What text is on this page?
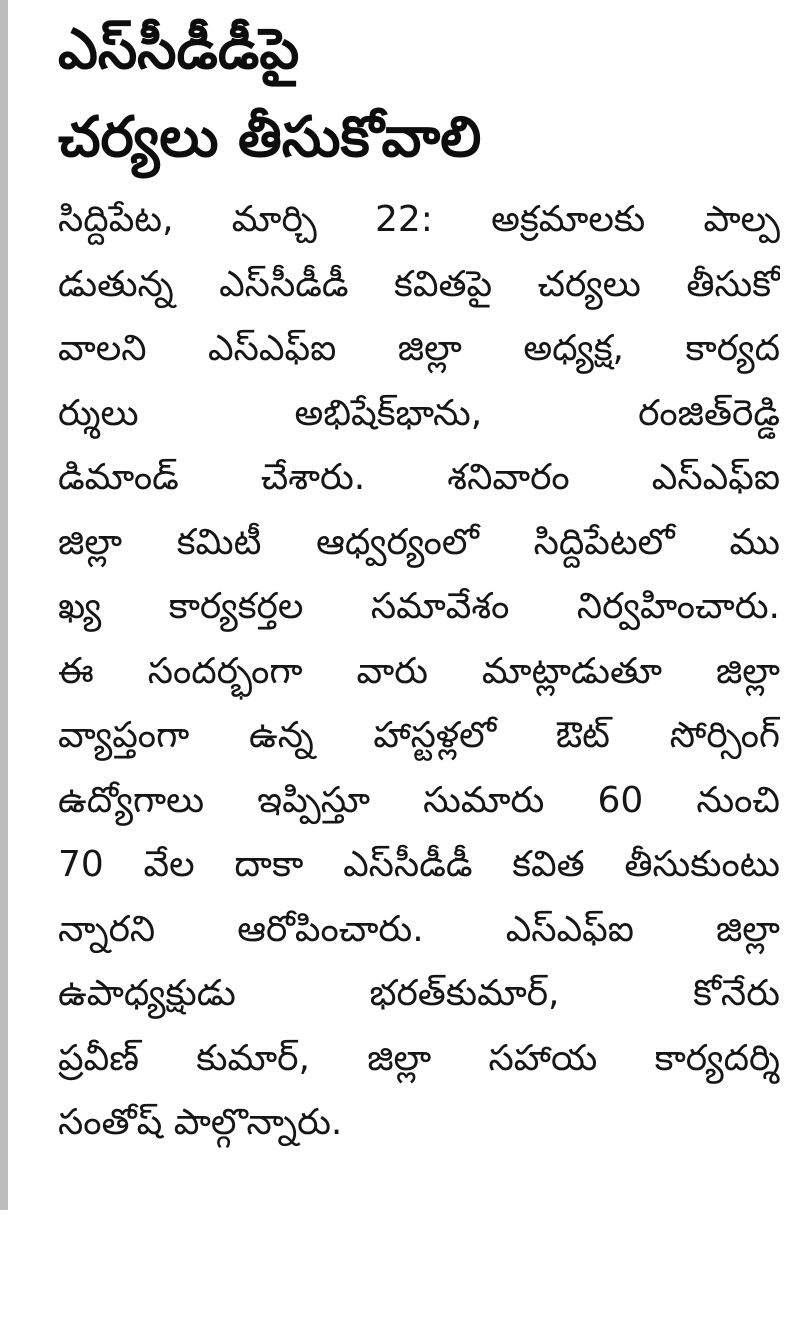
ఎస్‌సీడీడీపై
చర్యలు తీసుకోవాలి
సిద్దిపేట, మార్చి 22: అక్రమాలకు పాల్ప
డుతున్న ఎస్‌సీడీడీ కవితపై చర్యలు తీసుకో
వాలని ఎస్‌ఎఫ్‌ఐ జిల్లా అధ్యక్ష, కార్యద
ర్శులు అభిషేక్‌భాను, రంజిత్‌రెడ్డి
డిమాండ్ చేశారు. శనివారం ఎస్‌ఎఫ్‌ఐ
జిల్లా కమిటీ ఆధ్వర్యంలో సిద్దిపేటలో ము
ఖ్య కార్యకర్తల సమావేశం నిర్వహించారు.
ఈ సందర్భంగా వారు మాట్లాడుతూ జిల్లా
వ్యాప్తంగా ఉన్న హాస్టళ్లలో ఔట్ సోర్సింగ్
ఉద్యోగాలు ఇప్పిస్తూ సుమారు 60 నుంచి
70 వేల దాకా ఎస్‌సీడీడీ కవిత తీసుకుంటు
న్నారని ఆరోపించారు. ఎస్‌ఎఫ్‌ఐ జిల్లా
ఉపాధ్యక్షుడు భరత్‌కుమార్, కోనేరు
ప్రవీణ్ కుమార్, జిల్లా సహాయ కార్యదర్శి
సంతోష్ పాల్గొన్నారు.
